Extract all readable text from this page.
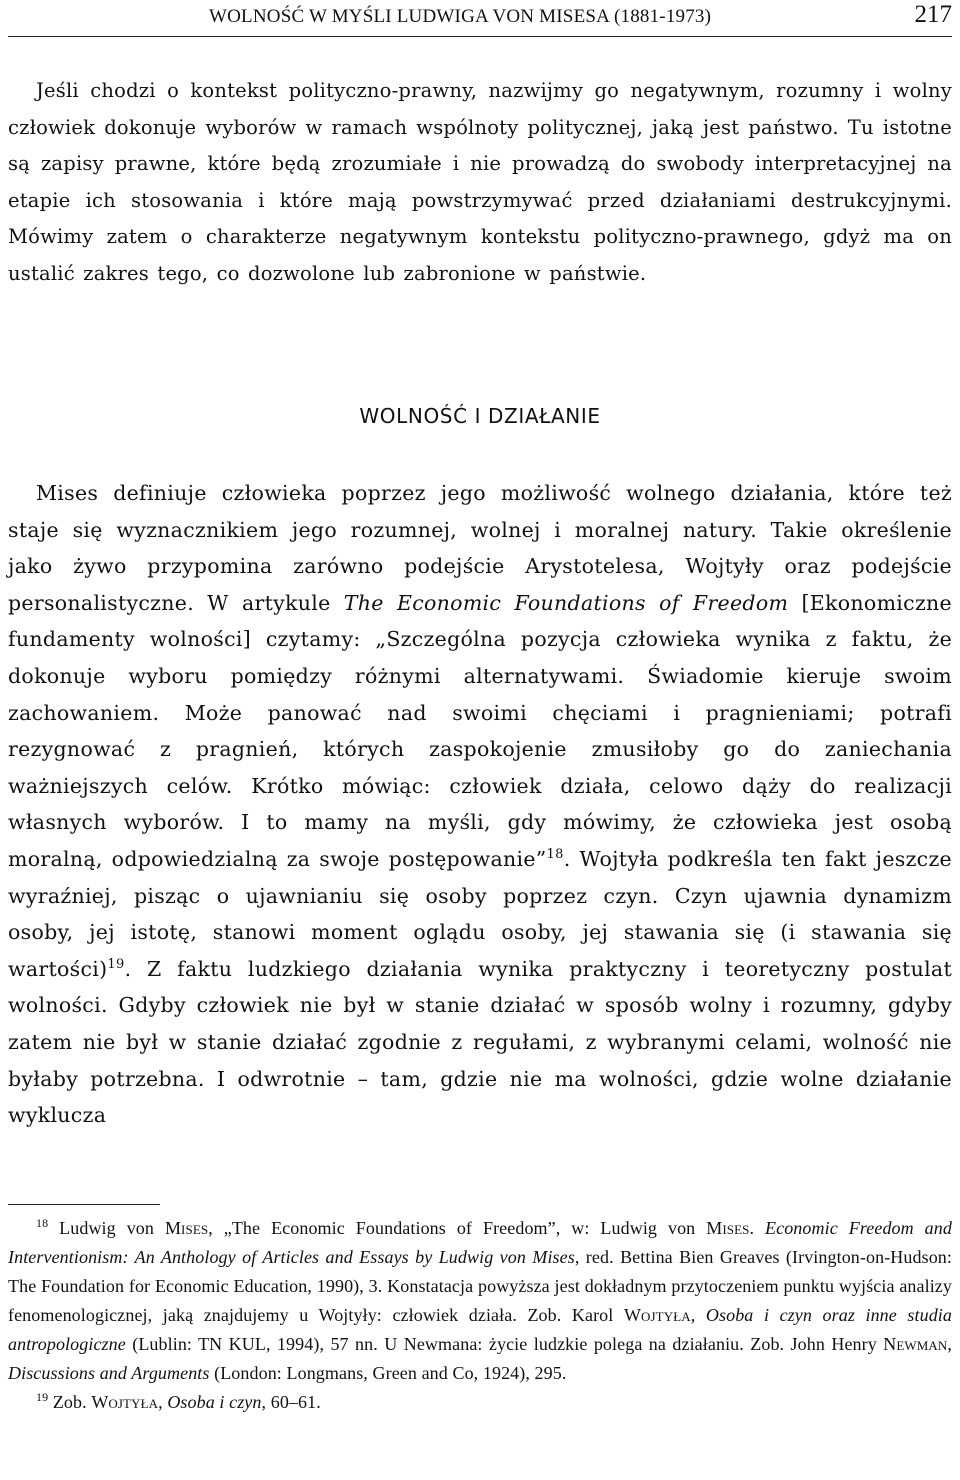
WOLNOŚĆ W MYŚLI LUDWIGA VON MISESA (1881-1973)	217

Jeśli chodzi o kontekst polityczno-prawny, nazwijmy go negatywnym, rozumny i wolny człowiek dokonuje wyborów w ramach wspólnoty politycznej, jaką jest państwo. Tu istotne są zapisy prawne, które będą zrozumiałe i nie prowadzą do swobody interpretacyjnej na etapie ich stosowania i które mają powstrzymywać przed działaniami destrukcyjnymi. Mówimy zatem o charakterze negatywnym kontekstu polityczno-prawnego, gdyż ma on ustalić zakres tego, co dozwolone lub zabronione w państwie.

WOLNOŚĆ I DZIAŁANIE

Mises definiuje człowieka poprzez jego możliwość wolnego działania, które też staje się wyznacznikiem jego rozumnej, wolnej i moralnej natury. Takie określenie jako żywo przypomina zarówno podejście Arystotelesa, Wojtyły oraz podejście personalistyczne. W artykule The Economic Foundations of Freedom [Ekonomiczne fundamenty wolności] czytamy: „Szczególna pozycja człowieka wynika z faktu, że dokonuje wyboru pomiędzy różnymi alternatywami. Świadomie kieruje swoim zachowaniem. Może panować nad swoimi chęciami i pragnieniami; potrafi rezygnować z pragnień, których zaspokojenie zmusiłoby go do zaniechania ważniejszych celów. Krótko mówiąc: człowiek działa, celowo dąży do realizacji własnych wyborów. I to mamy na myśli, gdy mówimy, że człowieka jest osobą moralną, odpowiedzialną za swoje postępowanie”$^{18}$. Wojtyła podkreśla ten fakt jeszcze wyraźniej, pisząc o ujawnianiu się osoby poprzez czyn. Czyn ujawnia dynamizm osoby, jej istotę, stanowi moment oglądu osoby, jej stawania się (i stawania się wartości)$^{19}$. Z faktu ludzkiego działania wynika praktyczny i teoretyczny postulat wolności. Gdyby człowiek nie był w stanie działać w sposób wolny i rozumny, gdyby zatem nie był w stanie działać zgodnie z regułami, z wybranymi celami, wolność nie byłaby potrzebna. I odwrotnie – tam, gdzie nie ma wolności, gdzie wolne działanie wyklucza

$^{18}$ Ludwig von Mises, „The Economic Foundations of Freedom”, w: Ludwig von Mises. Economic Freedom and Interventionism: An Anthology of Articles and Essays by Ludwig von Mises, red. Bettina Bien Greaves (Irvington-on-Hudson: The Foundation for Economic Education, 1990), 3. Konstatacja powyższa jest dokładnym przytoczeniem punktu wyjścia analizy fenomenologicznej, jaką znajdujemy u Wojtyły: człowiek działa. Zob. Karol Wojtyła, Osoba i czyn oraz inne studia antropologiczne (Lublin: TN KUL, 1994), 57 nn. U Newmana: życie ludzkie polega na działaniu. Zob. John Henry Newman, Discussions and Arguments (London: Longmans, Green and Co, 1924), 295.

$^{19}$ Zob. Wojtyła, Osoba i czyn, 60–61.
